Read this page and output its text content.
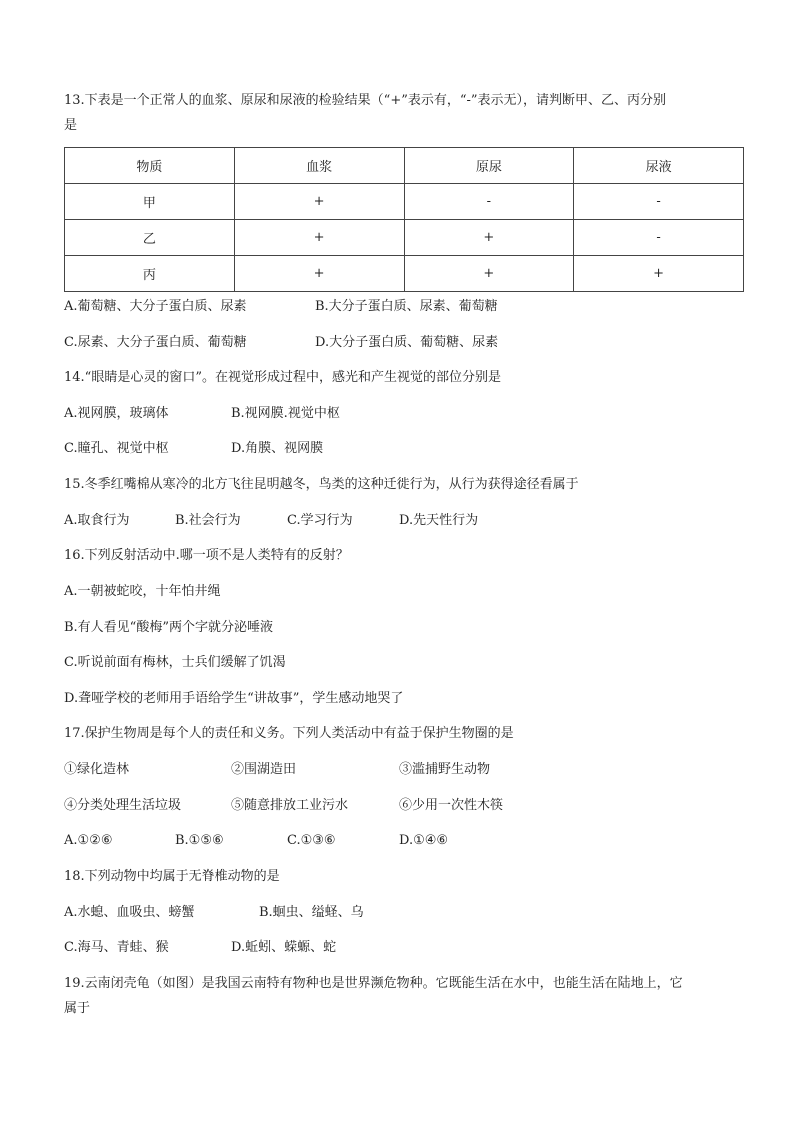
13.下表是一个正常人的血浆、原尿和尿液的检验结果（“+”表示有，“-”表示无），请判断甲、乙、丙分别
是
物质	血浆	原尿	尿液
甲	+	-	-
乙	+	+	-
丙	+	+	+
A.葡萄糖、大分子蛋白质、尿素	B.大分子蛋白质、尿素、葡萄糖
C.尿素、大分子蛋白质、葡萄糖	D.大分子蛋白质、葡萄糖、尿素
14.“眼睛是心灵的窗口”。在视觉形成过程中，感光和产生视觉的部位分别是
A.视网膜，玻璃体	B.视网膜.视觉中枢
C.瞳孔、视觉中枢	D.角膜、视网膜
15.冬季红嘴棉从寒冷的北方飞往昆明越冬，鸟类的这种迁徙行为，从行为获得途径看属于
A.取食行为	B.社会行为	C.学习行为	D.先天性行为
16.下列反射活动中.哪一项不是人类特有的反射？
A.一朝被蛇咬，十年怕井绳
B.有人看见“酸梅”两个字就分泌唾液
C.听说前面有梅林，士兵们缓解了饥渴
D.聋哑学校的老师用手语给学生“讲故事”，学生感动地哭了
17.保护生物周是每个人的责任和义务。下列人类活动中有益于保护生物圈的是
①绿化造林	②围湖造田	③滥捕野生动物
④分类处理生活垃圾	⑤随意排放工业污水	⑥少用一次性木筷
A.①②⑥	B.①⑤⑥	C.①③⑥	D.①④⑥
18.下列动物中均属于无脊椎动物的是
A.水螅、血吸虫、螃蟹	B.蛔虫、缢蛏、乌
C.海马、青蛙、猴	D.蚯蚓、蝾螈、蛇
19.云南闭壳龟（如图）是我国云南特有物种也是世界濒危物种。它既能生活在水中，也能生活在陆地上，它
属于
